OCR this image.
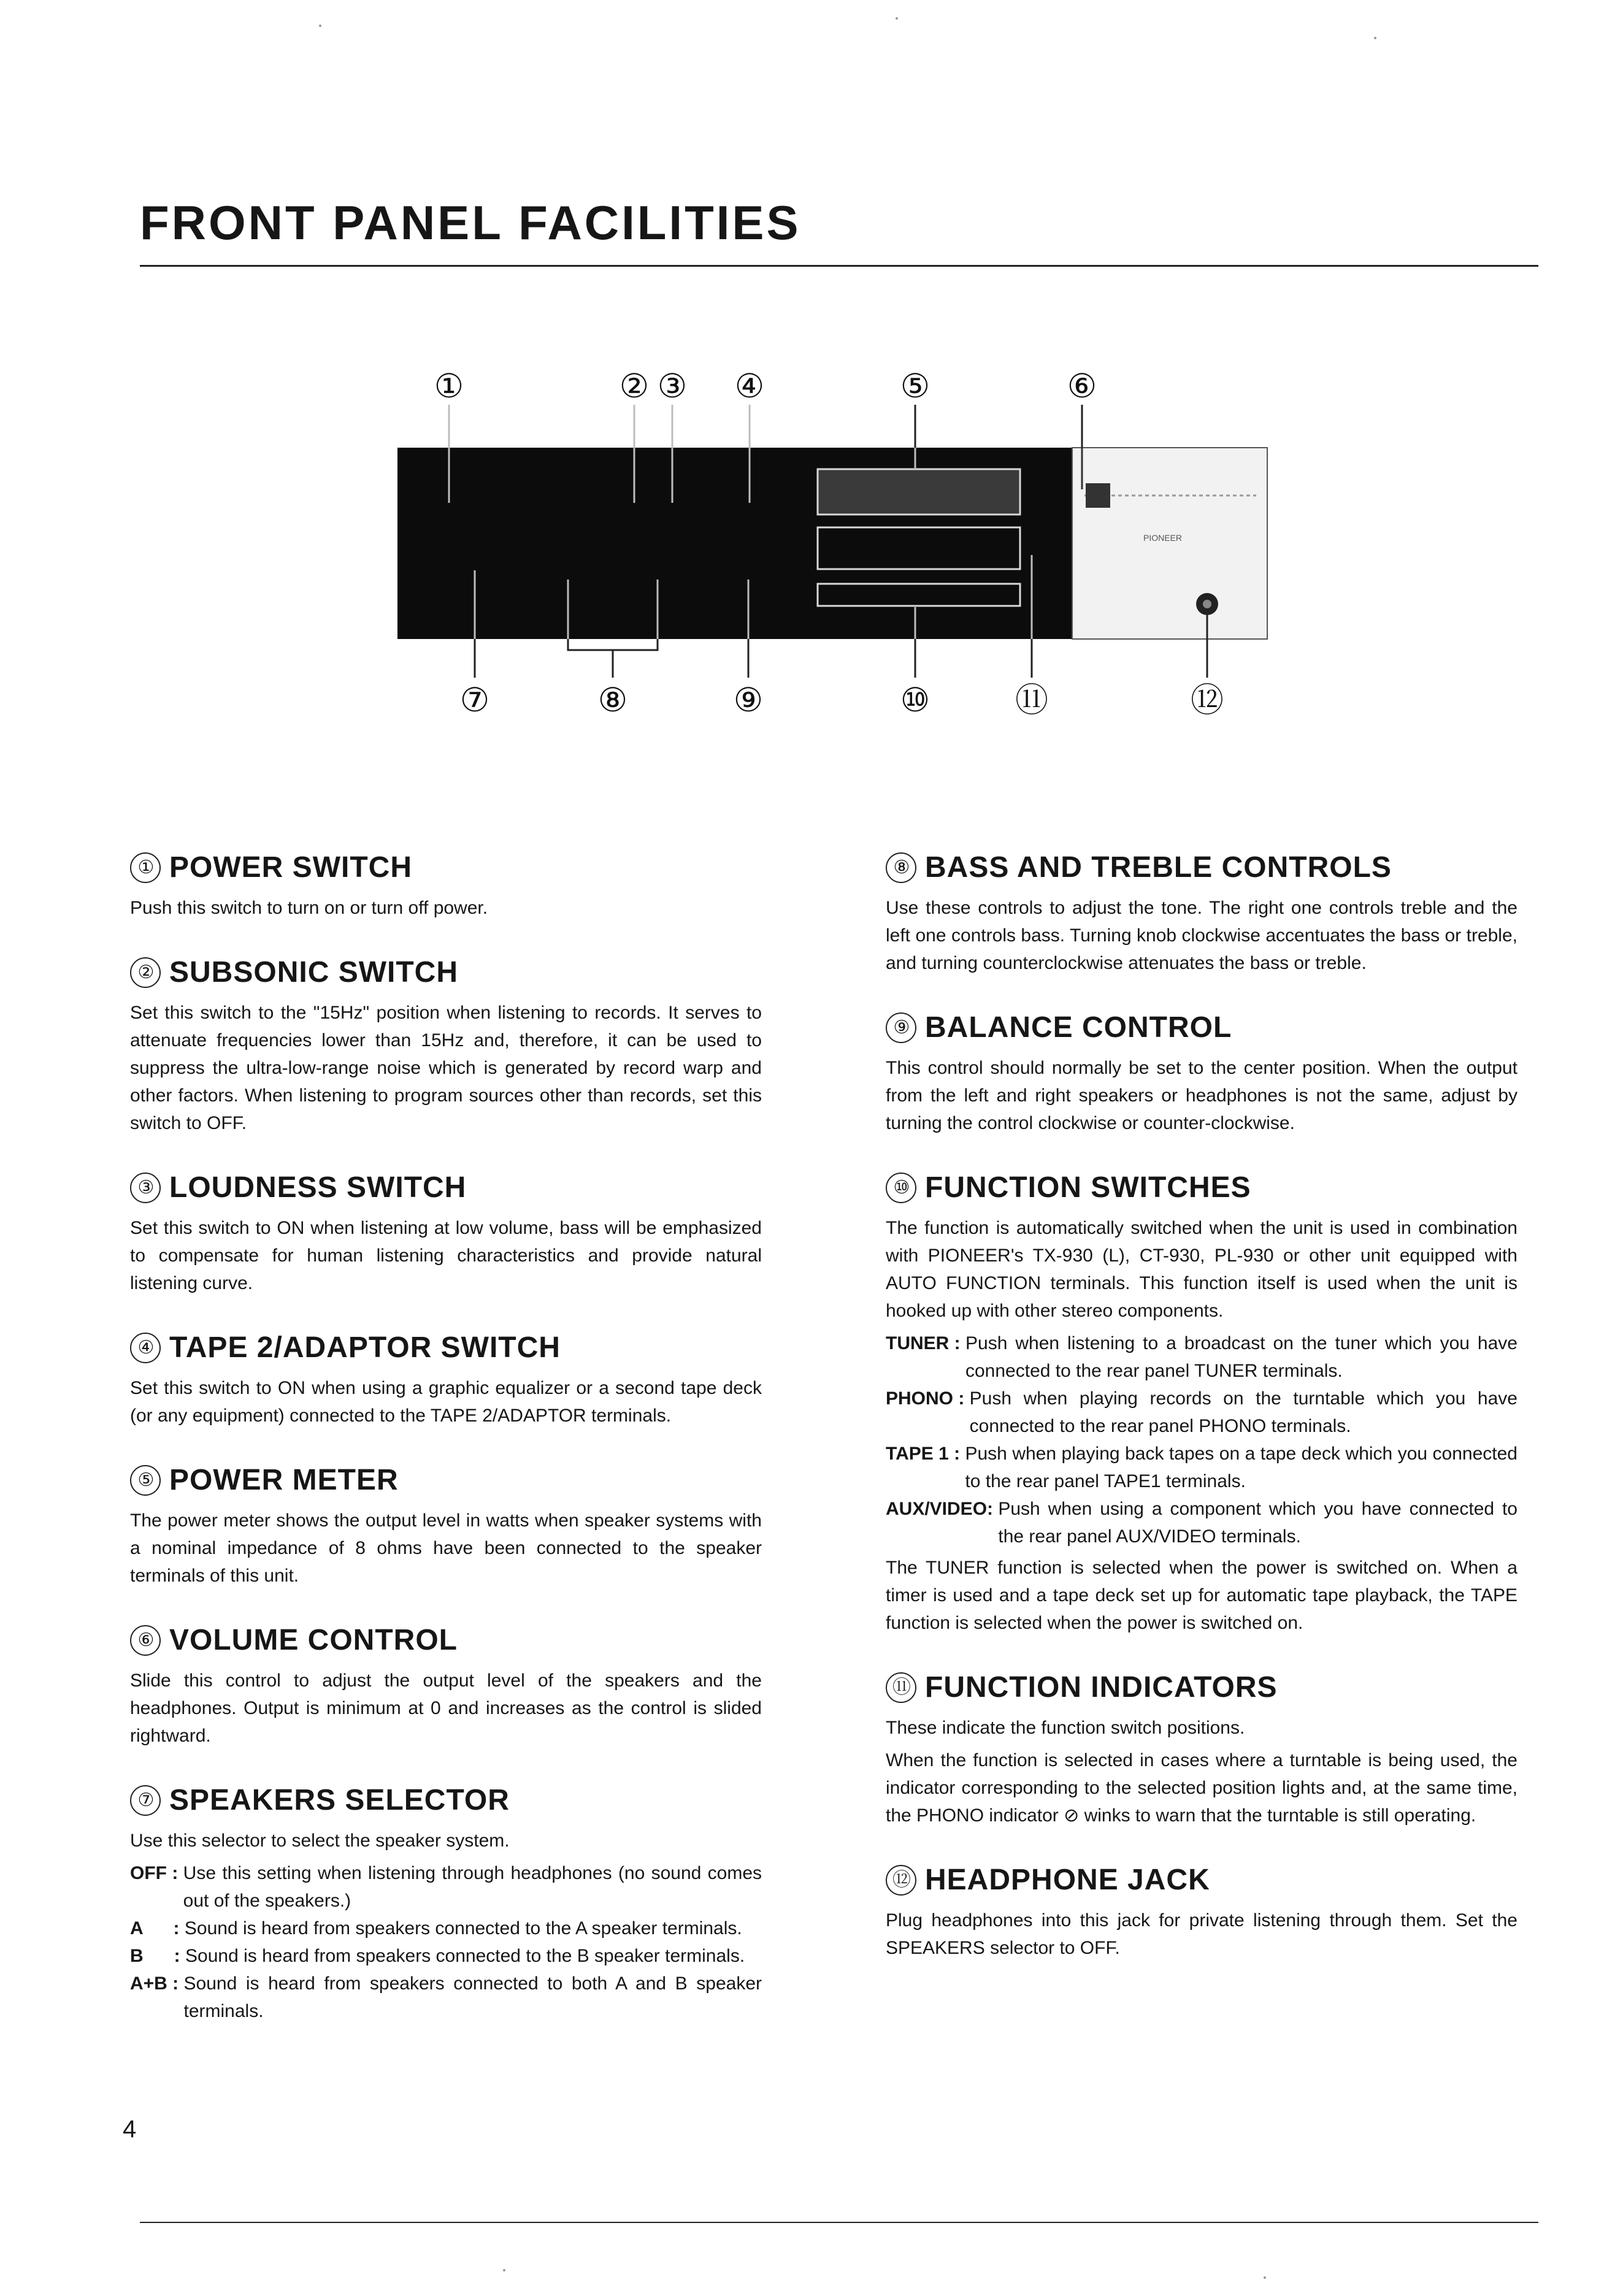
FRONT PANEL FACILITIES
PIONEER
①	② ③ ④	⑤	⑥
⑦	⑧	⑨	⑩	⑪	⑫
① POWER SWITCH

Push this switch to turn on or turn off power.

② SUBSONIC SWITCH

Set this switch to the "15Hz" position when listening to records. It serves to attenuate frequencies lower than 15Hz and, therefore, it can be used to suppress the ultra-low-range noise which is generated by record warp and other factors. When listening to program sources other than records, set this switch to OFF.

③ LOUDNESS SWITCH

Set this switch to ON when listening at low volume, bass will be emphasized to compensate for human listening characteristics and provide natural listening curve.

④ TAPE 2/ADAPTOR SWITCH

Set this switch to ON when using a graphic equalizer or a second tape deck (or any equipment) connected to the TAPE 2/ADAPTOR terminals.

⑤ POWER METER

The power meter shows the output level in watts when speaker systems with a nominal impedance of 8 ohms have been connected to the speaker terminals of this unit.

⑥ VOLUME CONTROL

Slide this control to adjust the output level of the speakers and the headphones. Output is minimum at 0 and increases as the control is slided rightward.

⑦ SPEAKERS SELECTOR

Use this selector to select the speaker system.

OFF : Use this setting when listening through headphones (no sound comes out of the speakers.)
A      : Sound is heard from speakers connected to the A speaker terminals.
B      : Sound is heard from speakers connected to the B speaker terminals.
A+B : Sound is heard from speakers connected to both A and B speaker terminals.
⑧ BASS AND TREBLE CONTROLS

Use these controls to adjust the tone. The right one controls treble and the left one controls bass. Turning knob clockwise accentuates the bass or treble, and turning counterclockwise attenuates the bass or treble.

⑨ BALANCE CONTROL

This control should normally be set to the center position. When the output from the left and right speakers or headphones is not the same, adjust by turning the control clockwise or counter-clockwise.

⑩ FUNCTION SWITCHES

The function is automatically switched when the unit is used in combination with PIONEER's TX-930 (L), CT-930, PL-930 or other unit equipped with AUTO FUNCTION terminals. This function itself is used when the unit is hooked up with other stereo components.

TUNER : Push when listening to a broadcast on the tuner which you have connected to the rear panel TUNER terminals.
PHONO : Push when playing records on the turntable which you have connected to the rear panel PHONO terminals.
TAPE 1 : Push when playing back tapes on a tape deck which you connected to the rear panel TAPE1 terminals.
AUX/VIDEO: Push when using a component which you have connected to the rear panel AUX/VIDEO terminals.

The TUNER function is selected when the power is switched on. When a timer is used and a tape deck set up for automatic tape playback, the TAPE function is selected when the power is switched on.

⑪ FUNCTION INDICATORS

These indicate the function switch positions.

When the function is selected in cases where a turntable is being used, the indicator corresponding to the selected position lights and, at the same time, the PHONO indicator ⊘ winks to warn that the turntable is still operating.

⑫ HEADPHONE JACK

Plug headphones into this jack for private listening through them. Set the SPEAKERS selector to OFF.

4
